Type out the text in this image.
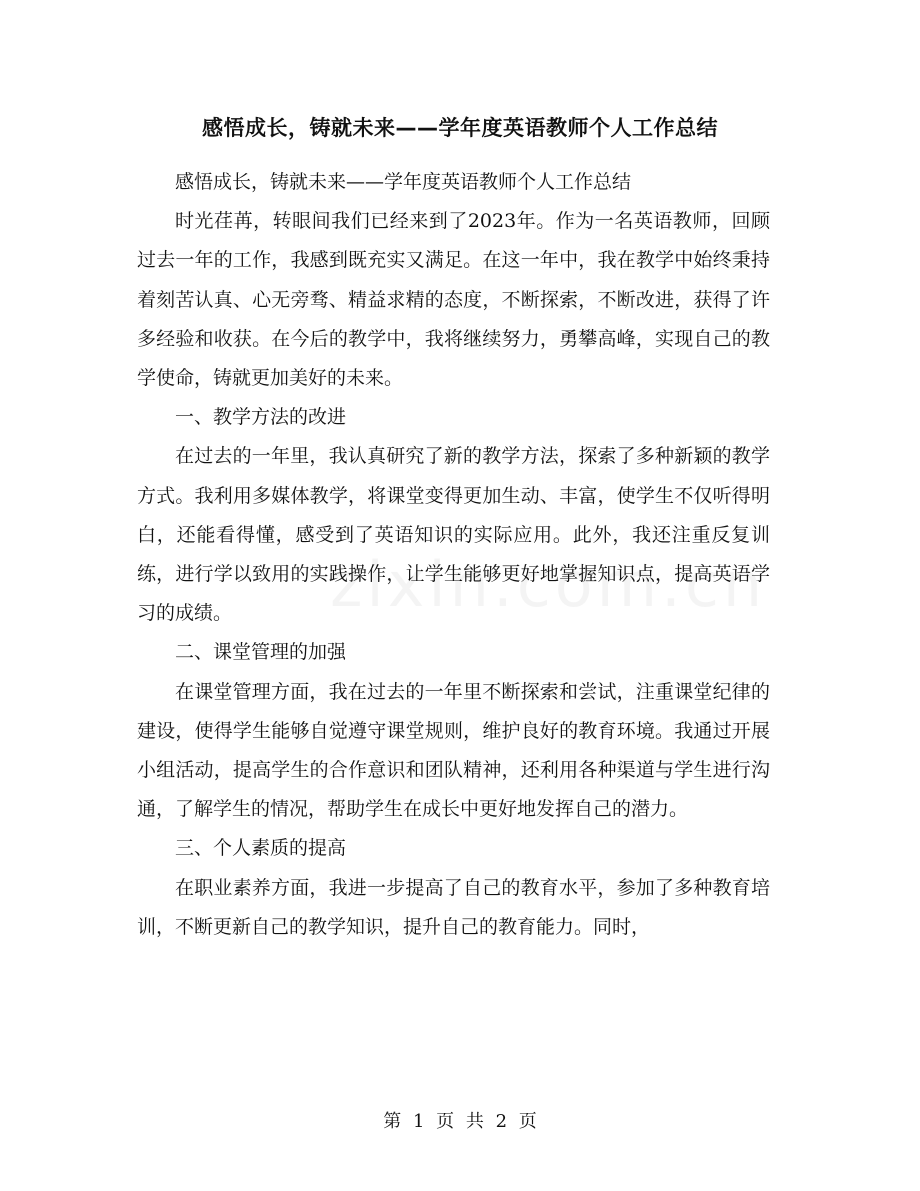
感悟成长，铸就未来——学年度英语教师个人工作总结

感悟成长，铸就未来——学年度英语教师个人工作总结

时光荏苒，转眼间我们已经来到了2023年。作为一名英语教师，回顾过去一年的工作，我感到既充实又满足。在这一年中，我在教学中始终秉持着刻苦认真、心无旁骛、精益求精的态度，不断探索，不断改进，获得了许多经验和收获。在今后的教学中，我将继续努力，勇攀高峰，实现自己的教学使命，铸就更加美好的未来。

一、教学方法的改进

在过去的一年里，我认真研究了新的教学方法，探索了多种新颖的教学方式。我利用多媒体教学，将课堂变得更加生动、丰富，使学生不仅听得明白，还能看得懂，感受到了英语知识的实际应用。此外，我还注重反复训练，进行学以致用的实践操作，让学生能够更好地掌握知识点，提高英语学习的成绩。

二、课堂管理的加强

在课堂管理方面，我在过去的一年里不断探索和尝试，注重课堂纪律的建设，使得学生能够自觉遵守课堂规则，维护良好的教育环境。我通过开展小组活动，提高学生的合作意识和团队精神，还利用各种渠道与学生进行沟通，了解学生的情况，帮助学生在成长中更好地发挥自己的潜力。

三、个人素质的提高

在职业素养方面，我进一步提高了自己的教育水平，参加了多种教育培训，不断更新自己的教学知识，提升自己的教育能力。同时，

第 1 页 共 2 页
